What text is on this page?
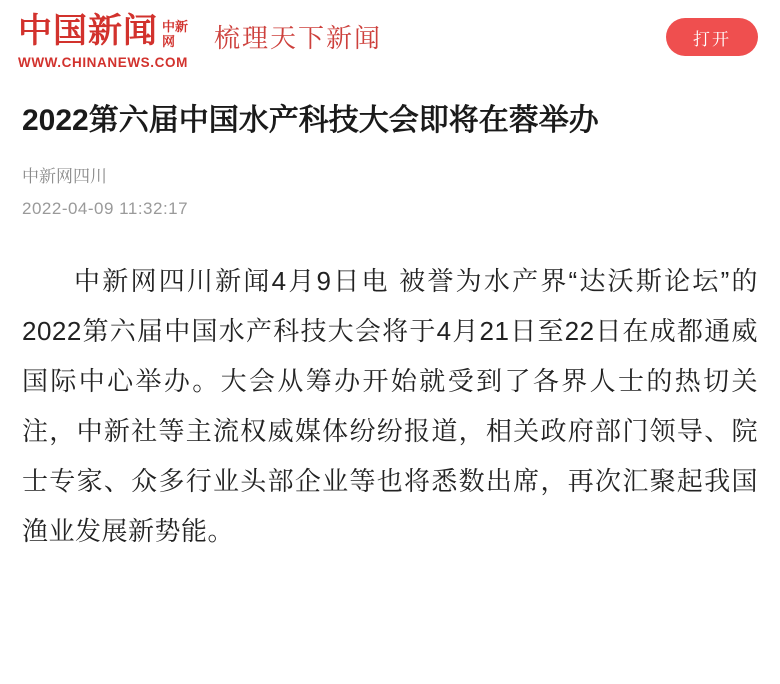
中国新闻 中新
网
WWW.CHINANEWS.COM
梳理天下新闻	打开
2022第六届中国水产科技大会即将在蓉举办
中新网四川
2022-04-09 11:32:17

中新网四川新闻4月9日电 被誉为水产界“达沃斯论坛”的2022第六届中国水产科技大会将于4月21日至22日在成都通威国际中心举办。大会从筹办开始就受到了各界人士的热切关注，中新社等主流权威媒体纷纷报道，相关政府部门领导、院士专家、众多行业头部企业等也将悉数出席，再次汇聚起我国渔业发展新势能。
